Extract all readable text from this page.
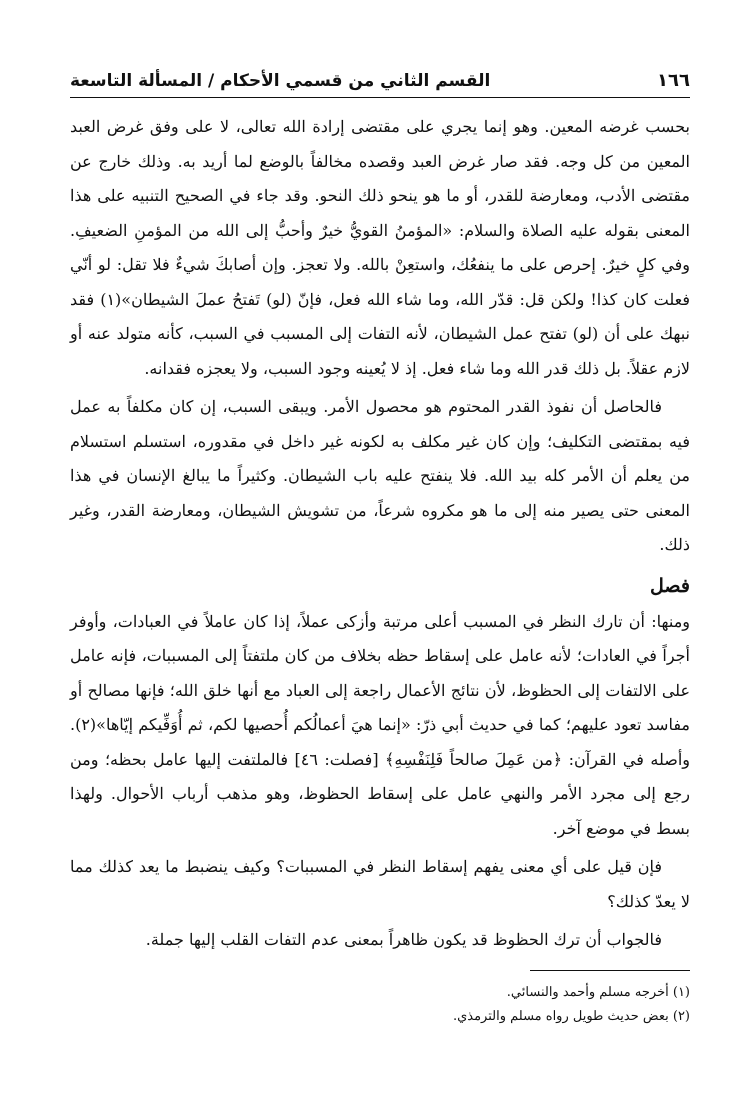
١٦٦
القسم الثاني من قسمي الأحكام / المسألة التاسعة

بحسب غرضه المعين. وهو إنما يجري على مقتضى إرادة الله تعالى، لا على وفق غرض العبد المعين من كل وجه. فقد صار غرض العبد وقصده مخالفاً بالوضع لما أريد به. وذلك خارج عن مقتضى الأدب، ومعارضة للقدر، أو ما هو ينحو ذلك النحو. وقد جاء في الصحيح التنبيه على هذا المعنى بقوله عليه الصلاة والسلام: «المؤمنُ القويُّ خيرٌ وأحبُّ إلى الله من المؤمنِ الضعيفِ. وفي كلٍ خيرٌ. إحرص على ما ينفعُك، واستعِنْ بالله. ولا تعجز. وإن أصابكَ شيءٌ فلا تقل: لو أنّي فعلت كان كذا! ولكن قل: قدّر الله، وما شاء الله فعل، فإنّ (لو) تَفتحُ عملَ الشيطان»(١) فقد نبهك على أن (لو) تفتح عمل الشيطان، لأنه التفات إلى المسبب في السبب، كأنه متولد عنه أو لازم عقلاً. بل ذلك قدر الله وما شاء فعل. إذ لا يُعينه وجود السبب، ولا يعجزه فقدانه.

فالحاصل أن نفوذ القدر المحتوم هو محصول الأمر. ويبقى السبب، إن كان مكلفاً به عمل فيه بمقتضى التكليف؛ وإن كان غير مكلف به لكونه غير داخل في مقدوره، استسلم استسلام من يعلم أن الأمر كله بيد الله. فلا ينفتح عليه باب الشيطان. وكثيراً ما يبالغ الإنسان في هذا المعنى حتى يصير منه إلى ما هو مكروه شرعاً، من تشويش الشيطان، ومعارضة القدر، وغير ذلك.

فصل

ومنها: أن تارك النظر في المسبب أعلى مرتبة وأزكى عملاً، إذا كان عاملاً في العبادات، وأوفر أجراً في العادات؛ لأنه عامل على إسقاط حظه بخلاف من كان ملتفتاً إلى المسببات، فإنه عامل على الالتفات إلى الحظوظ، لأن نتائج الأعمال راجعة إلى العباد مع أنها خلق الله؛ فإنها مصالح أو مفاسد تعود عليهم؛ كما في حديث أبي ذرّ: «إنما هيَ أعمالُكم أُحصيها لكم، ثم أُوَفِّيكم إيّاها»(٢). وأصله في القرآن: ﴿من عَمِلَ صالحاً فَلِنَفْسِهِ﴾ [فصلت: ٤٦] فالملتفت إليها عامل بحظه؛ ومن رجع إلى مجرد الأمر والنهي عامل على إسقاط الحظوظ، وهو مذهب أرباب الأحوال. ولهذا بسط في موضع آخر.

فإن قيل على أي معنى يفهم إسقاط النظر في المسببات؟ وكيف ينضبط ما يعد كذلك مما لا يعدّ كذلك؟

فالجواب أن ترك الحظوظ قد يكون ظاهراً بمعنى عدم التفات القلب إليها جملة.

(١) أخرجه مسلم وأحمد والنسائي.

(٢) بعض حديث طويل رواه مسلم والترمذي.
